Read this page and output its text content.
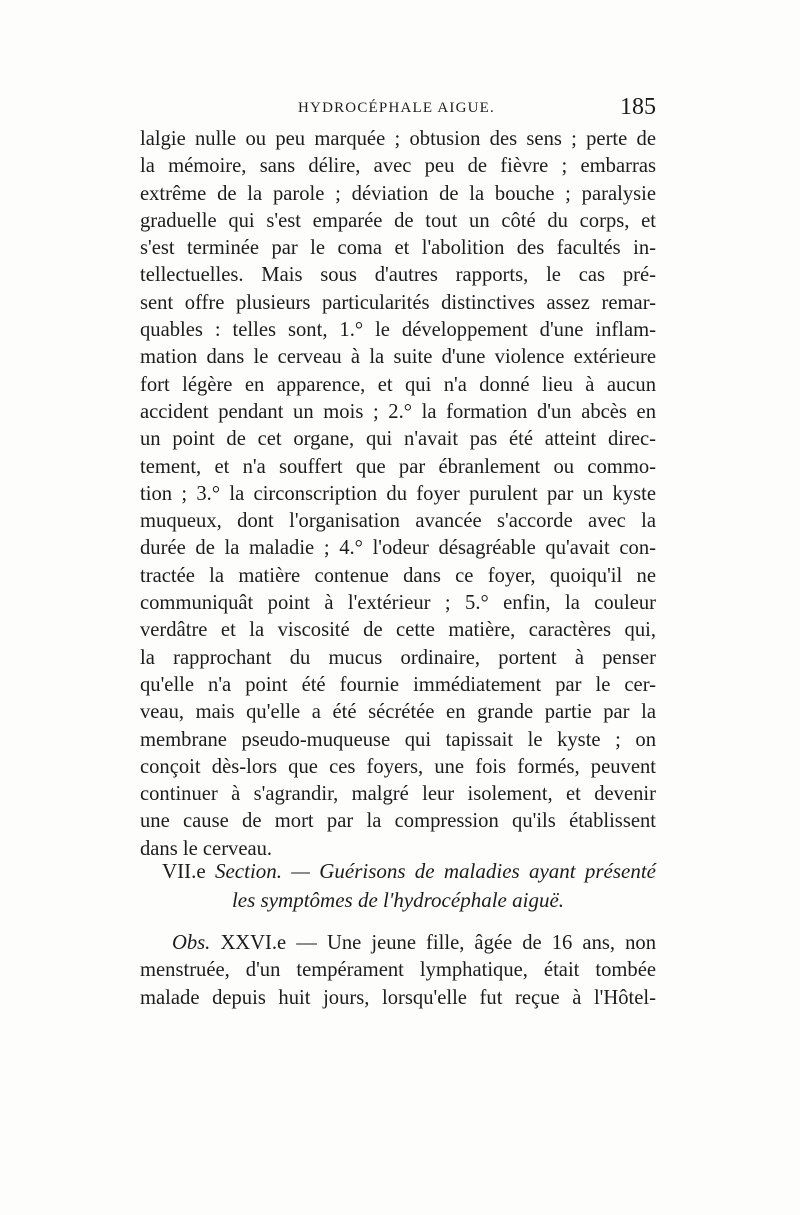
HYDROCÉPHALE AIGUE.	185
lalgie nulle ou peu marquée ; obtusion des sens ; perte de
la mémoire, sans délire, avec peu de fièvre ; embarras
extrême de la parole ; déviation de la bouche ; paralysie
graduelle qui s'est emparée de tout un côté du corps, et
s'est terminée par le coma et l'abolition des facultés in-
tellectuelles. Mais sous d'autres rapports, le cas pré-
sent offre plusieurs particularités distinctives assez remar-
quables : telles sont, 1.° le développement d'une inflam-
mation dans le cerveau à la suite d'une violence extérieure
fort légère en apparence, et qui n'a donné lieu à aucun
accident pendant un mois ; 2.° la formation d'un abcès en
un point de cet organe, qui n'avait pas été atteint direc-
tement, et n'a souffert que par ébranlement ou commo-
tion ; 3.° la circonscription du foyer purulent par un kyste
muqueux, dont l'organisation avancée s'accorde avec la
durée de la maladie ; 4.° l'odeur désagréable qu'avait con-
tractée la matière contenue dans ce foyer, quoiqu'il ne
communiquât point à l'extérieur ; 5.° enfin, la couleur
verdâtre et la viscosité de cette matière, caractères qui,
la rapprochant du mucus ordinaire, portent à penser
qu'elle n'a point été fournie immédiatement par le cer-
veau, mais qu'elle a été sécrétée en grande partie par la
membrane pseudo-muqueuse qui tapissait le kyste ; on
conçoit dès-lors que ces foyers, une fois formés, peuvent
continuer à s'agrandir, malgré leur isolement, et devenir
une cause de mort par la compression qu'ils établissent
dans le cerveau.
VII.e Section. — Guérisons de maladies ayant présenté
les symptômes de l'hydrocéphale aiguë.
Obs. XXVI.e — Une jeune fille, âgée de 16 ans, non
menstruée, d'un tempérament lymphatique, était tombée
malade depuis huit jours, lorsqu'elle fut reçue à l'Hôtel-
